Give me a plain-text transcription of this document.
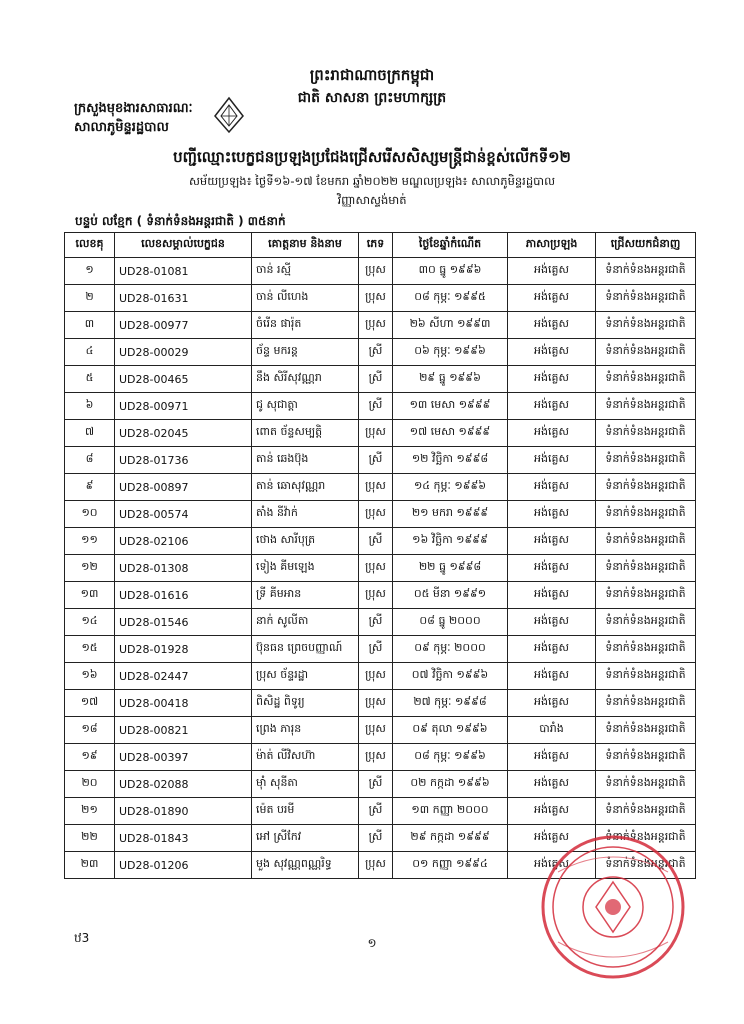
ព្រះរាជាណាចក្រកម្ពុជា
ជាតិ សាសនា ព្រះមហាក្សត្រ
ក្រសួងមុខងារសាធារណៈ
សាលាភូមិន្ទរដ្ឋបាល
បញ្ជីឈ្មោះបេក្ខជនប្រឡងប្រជែងជ្រើសរើសសិស្សមន្ត្រីជាន់ខ្ពស់លើកទី១២
សម័យប្រឡង៖ ថ្ងៃទី១៦-១៧ ខែមករា ឆ្នាំ២០២២ មណ្ឌលប្រឡង៖ សាលាភូមិន្ទរដ្ឋបាល
វិញ្ញាសាស្ទង់មាត់
បន្ទប់ លខ្មែក ( ទំនាក់ទំនងអន្តរជាតិ ) ៣៥នាក់
លេខគុ	លេខសម្គាល់បេក្ខជន	គោត្តនាម និងនាម	ភេទ	ថ្ងៃខែឆ្នាំកំណើត	ភាសាប្រឡង	ជ្រើសយកជំនាញ
១	UD28-01081	ចាន់ រស្មី	ប្រុស	៣០ ធ្នូ ១៩៩៦	អង់គ្លេស	ទំនាក់ទំនងអន្តរជាតិ
២	UD28-01631	ចាន់ លីហេង	ប្រុស	០៨ កុម្ភៈ ១៩៩៥	អង់គ្លេស	ទំនាក់ទំនងអន្តរជាតិ
៣	UD28-00977	ចំរើន ផារ៉ុត	ប្រុស	២៦ សីហា ១៩៩៣	អង់គ្លេស	ទំនាក់ទំនងអន្តរជាតិ
៤	UD28-00029	ច័ន្ទ មករន្ត	ស្រី	០៦ កុម្ភៈ ១៩៩៦	អង់គ្លេស	ទំនាក់ទំនងអន្តរជាតិ
៥	UD28-00465	នឹង សិរីសុវណ្ណរា	ស្រី	២៩ ធ្នូ ១៩៩៦	អង់គ្លេស	ទំនាក់ទំនងអន្តរជាតិ
៦	UD28-00971	ជូ សុជាត្តា	ស្រី	១៣ មេសា ១៩៩៩	អង់គ្លេស	ទំនាក់ទំនងអន្តរជាតិ
៧	UD28-02045	ពោត ច័ន្ទសម្បត្តិ	ប្រុស	១៧ មេសា ១៩៩៩	អង់គ្លេស	ទំនាក់ទំនងអន្តរជាតិ
៨	UD28-01736	តាន់ ឆេងប៊ុង	ស្រី	១២ វិច្ឆិកា ១៩៩៨	អង់គ្លេស	ទំនាក់ទំនងអន្តរជាតិ
៩	UD28-00897	តាន់ ឆោសុវណ្ណរា	ប្រុស	១៤ កុម្ភៈ ១៩៩៦	អង់គ្លេស	ទំនាក់ទំនងអន្តរជាតិ
១០	UD28-00574	តាំង នីវ៉ាក់	ប្រុស	២១ មករា ១៩៩៩	អង់គ្លេស	ទំនាក់ទំនងអន្តរជាតិ
១១	UD28-02106	ថោង សារីបុត្រ	ស្រី	១៦ វិច្ឆិកា ១៩៩៩	អង់គ្លេស	ទំនាក់ទំនងអន្តរជាតិ
១២	UD28-01308	ទៀង គីមឡេង	ប្រុស	២២ ធ្នូ ១៩៩៨	អង់គ្លេស	ទំនាក់ទំនងអន្តរជាតិ
១៣	UD28-01616	ទ្រី គីមអាន	ប្រុស	០៥ មីនា ១៩៩១	អង់គ្លេស	ទំនាក់ទំនងអន្តរជាតិ
១៤	UD28-01546	នាក់ សូលីតា	ស្រី	០៨ ធ្នូ ២០០០	អង់គ្លេស	ទំនាក់ទំនងអន្តរជាតិ
១៥	UD28-01928	ប៊ុនធន ព្រេចបញ្ញាណ៍	ស្រី	០៩ កុម្ភៈ ២០០០	អង់គ្លេស	ទំនាក់ទំនងអន្តរជាតិ
១៦	UD28-02447	ប្រុស ច័ន្ទរដ្ឋា	ប្រុស	០៧ វិច្ឆិកា ១៩៩៦	អង់គ្លេស	ទំនាក់ទំនងអន្តរជាតិ
១៧	UD28-00418	ពិសិដ្ឋ ពិទូរ្យ	ប្រុស	២៧ កុម្ភៈ ១៩៩៨	អង់គ្លេស	ទំនាក់ទំនងអន្តរជាតិ
១៨	UD28-00821	ព្រេង ភារុន	ប្រុស	០៩ តុលា ១៩៩៦	បារាំង	ទំនាក់ទំនងអន្តរជាតិ
១៩	UD28-00397	ម៉ាត់ លីវិសហ៊ា	ប្រុស	០៨ កុម្ភៈ ១៩៩៦	អង់គ្លេស	ទំនាក់ទំនងអន្តរជាតិ
២០	UD28-02088	ម៉ាំ សុនីតា	ស្រី	០២ កក្កដា ១៩៩៦	អង់គ្លេស	ទំនាក់ទំនងអន្តរជាតិ
២១	UD28-01890	ម៉េត បរមី	ស្រី	១៣ កញ្ញា ២០០០	អង់គ្លេស	ទំនាក់ទំនងអន្តរជាតិ
២២	UD28-01843	អៅ ស្រីកែវ	ស្រី	២៩ កក្កដា ១៩៩៩	អង់គ្លេស	ទំនាក់ទំនងអន្តរជាតិ
២៣	UD28-01206	មួង សុវណ្ណពណ្ណរិទ្ធ	ប្រុស	០១ កញ្ញា ១៩៩៤	អង់គ្លេស	ទំនាក់ទំនងអន្តរជាតិ
ឋ3	១
